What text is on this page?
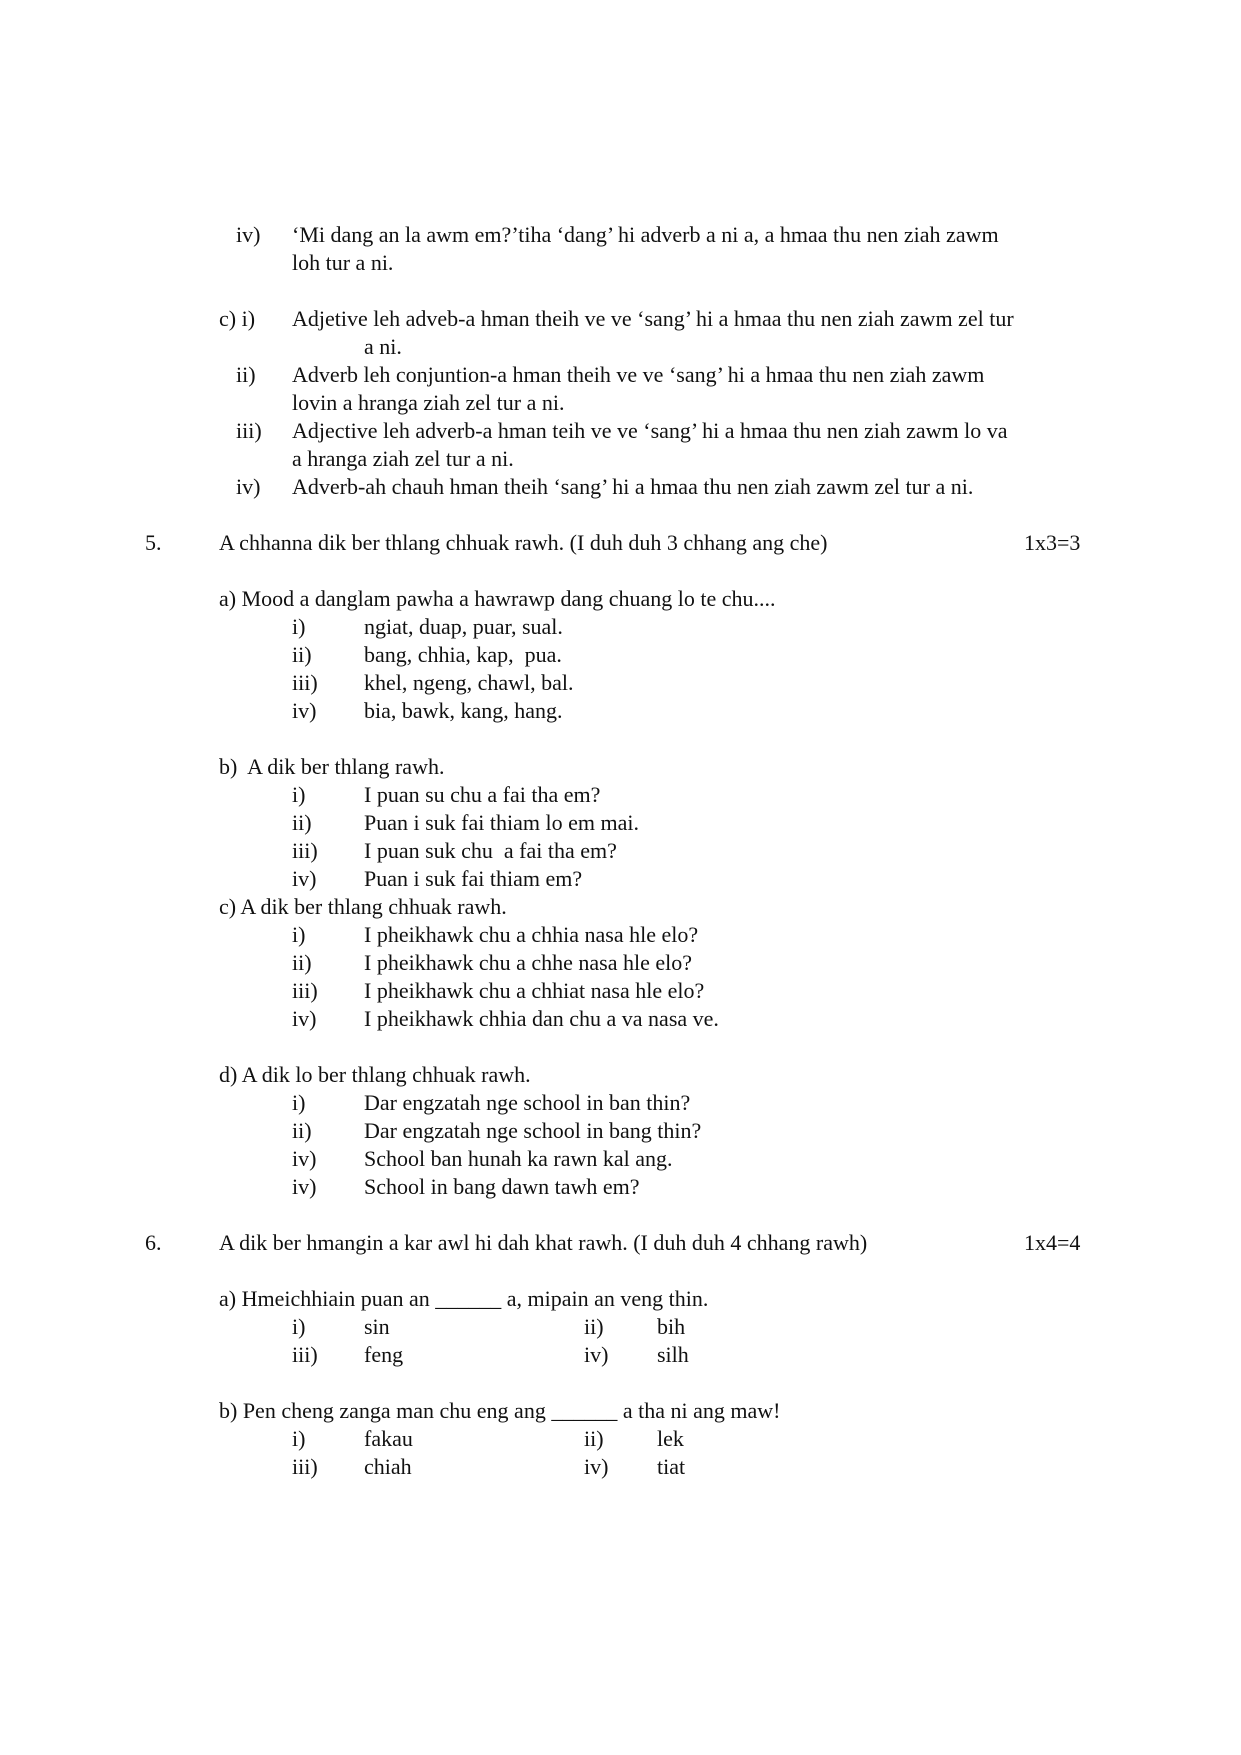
iv) ‘Mi dang an la awm em?’tiha ‘dang’ hi adverb a ni a, a hmaa thu nen ziah zawm
loh tur a ni.
c) i) Adjetive leh adveb-a hman theih ve ve ‘sang’ hi a hmaa thu nen ziah zawm zel tur
a ni.
ii) Adverb leh conjuntion-a hman theih ve ve ‘sang’ hi a hmaa thu nen ziah zawm
lovin a hranga ziah zel tur a ni.
iii) Adjective leh adverb-a hman teih ve ve ‘sang’ hi a hmaa thu nen ziah zawm lo va
a hranga ziah zel tur a ni.
iv) Adverb-ah chauh hman theih ‘sang’ hi a hmaa thu nen ziah zawm zel tur a ni.
5.	A chhanna dik ber thlang chhuak rawh. (I duh duh 3 chhang ang che)	1x3=3
a) Mood a danglam pawha a hawrawp dang chuang lo te chu....
i)	ngiat, duap, puar, sual.
ii) bang, chhia, kap,  pua.
iii) khel, ngeng, chawl, bal.
iv) bia, bawk, kang, hang.
b)  A dik ber thlang rawh.
i)	I puan su chu a fai tha em?
ii) Puan i suk fai thiam lo em mai.
iii) I puan suk chu  a fai tha em?
iv) Puan i suk fai thiam em?
c) A dik ber thlang chhuak rawh.
i)	I pheikhawk chu a chhia nasa hle elo?
ii) I pheikhawk chu a chhe nasa hle elo?
iii) I pheikhawk chu a chhiat nasa hle elo?
iv) I pheikhawk chhia dan chu a va nasa ve.
d) A dik lo ber thlang chhuak rawh.
i)	Dar engzatah nge school in ban thin?
ii) Dar engzatah nge school in bang thin?
iv) School ban hunah ka rawn kal ang.
iv) School in bang dawn tawh em?
6.	A dik ber hmangin a kar awl hi dah khat rawh. (I duh duh 4 chhang rawh)	1x4=4
a) Hmeichhiain puan an ______ a, mipain an veng thin.
i)	sin	ii) bih
iii) feng	iv) silh
b) Pen cheng zanga man chu eng ang ______ a tha ni ang maw!
i)	fakau	ii) lek
iii) chiah	iv) tiat
